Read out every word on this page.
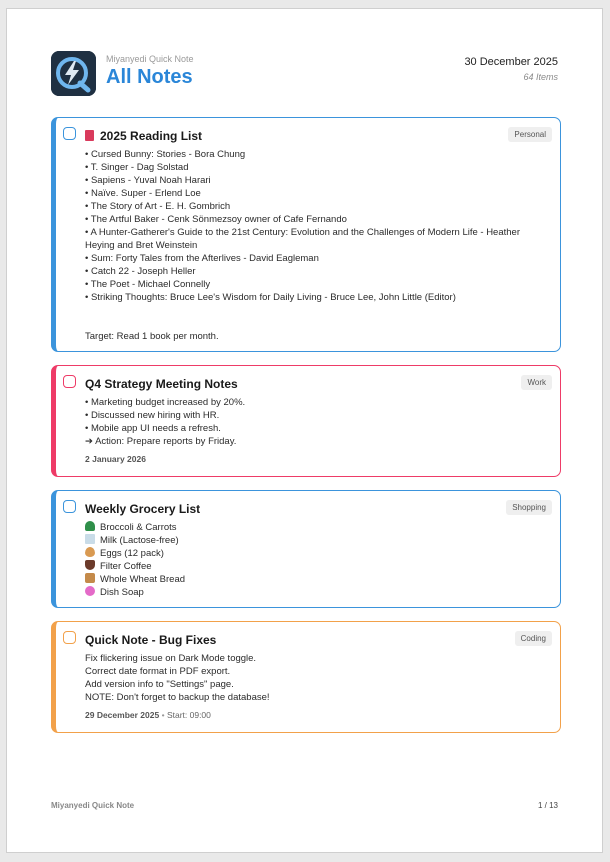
Miyanyedi Quick Note
All Notes
30 December 2025
64 Items
2025 Reading List	Personal
• Cursed Bunny: Stories - Bora Chung
• T. Singer - Dag Solstad
• Sapiens - Yuval Noah Harari
• Naïve. Super - Erlend Loe
• The Story of Art - E. H. Gombrich
• The Artful Baker - Cenk Sönmezsoy owner of Cafe Fernando
• A Hunter-Gatherer's Guide to the 21st Century: Evolution and the Challenges of Modern Life - Heather Heying and Bret Weinstein
• Sum: Forty Tales from the Afterlives - David Eagleman
• Catch 22 - Joseph Heller
• The Poet - Michael Connelly
• Striking Thoughts: Bruce Lee's Wisdom for Daily Living - Bruce Lee, John Little (Editor)
Target: Read 1 book per month.
Q4 Strategy Meeting Notes	Work
• Marketing budget increased by 20%.
• Discussed new hiring with HR.
• Mobile app UI needs a refresh.
➔ Action: Prepare reports by Friday.
2 January 2026
Weekly Grocery List	Shopping
Broccoli & Carrots
Milk (Lactose-free)
Eggs (12 pack)
Filter Coffee
Whole Wheat Bread
Dish Soap
Quick Note - Bug Fixes	Coding
Fix flickering issue on Dark Mode toggle.
Correct date format in PDF export.
Add version info to "Settings" page.
NOTE: Don't forget to backup the database!
29 December 2025 • Start: 09:00
Miyanyedi Quick Note	1 / 13
